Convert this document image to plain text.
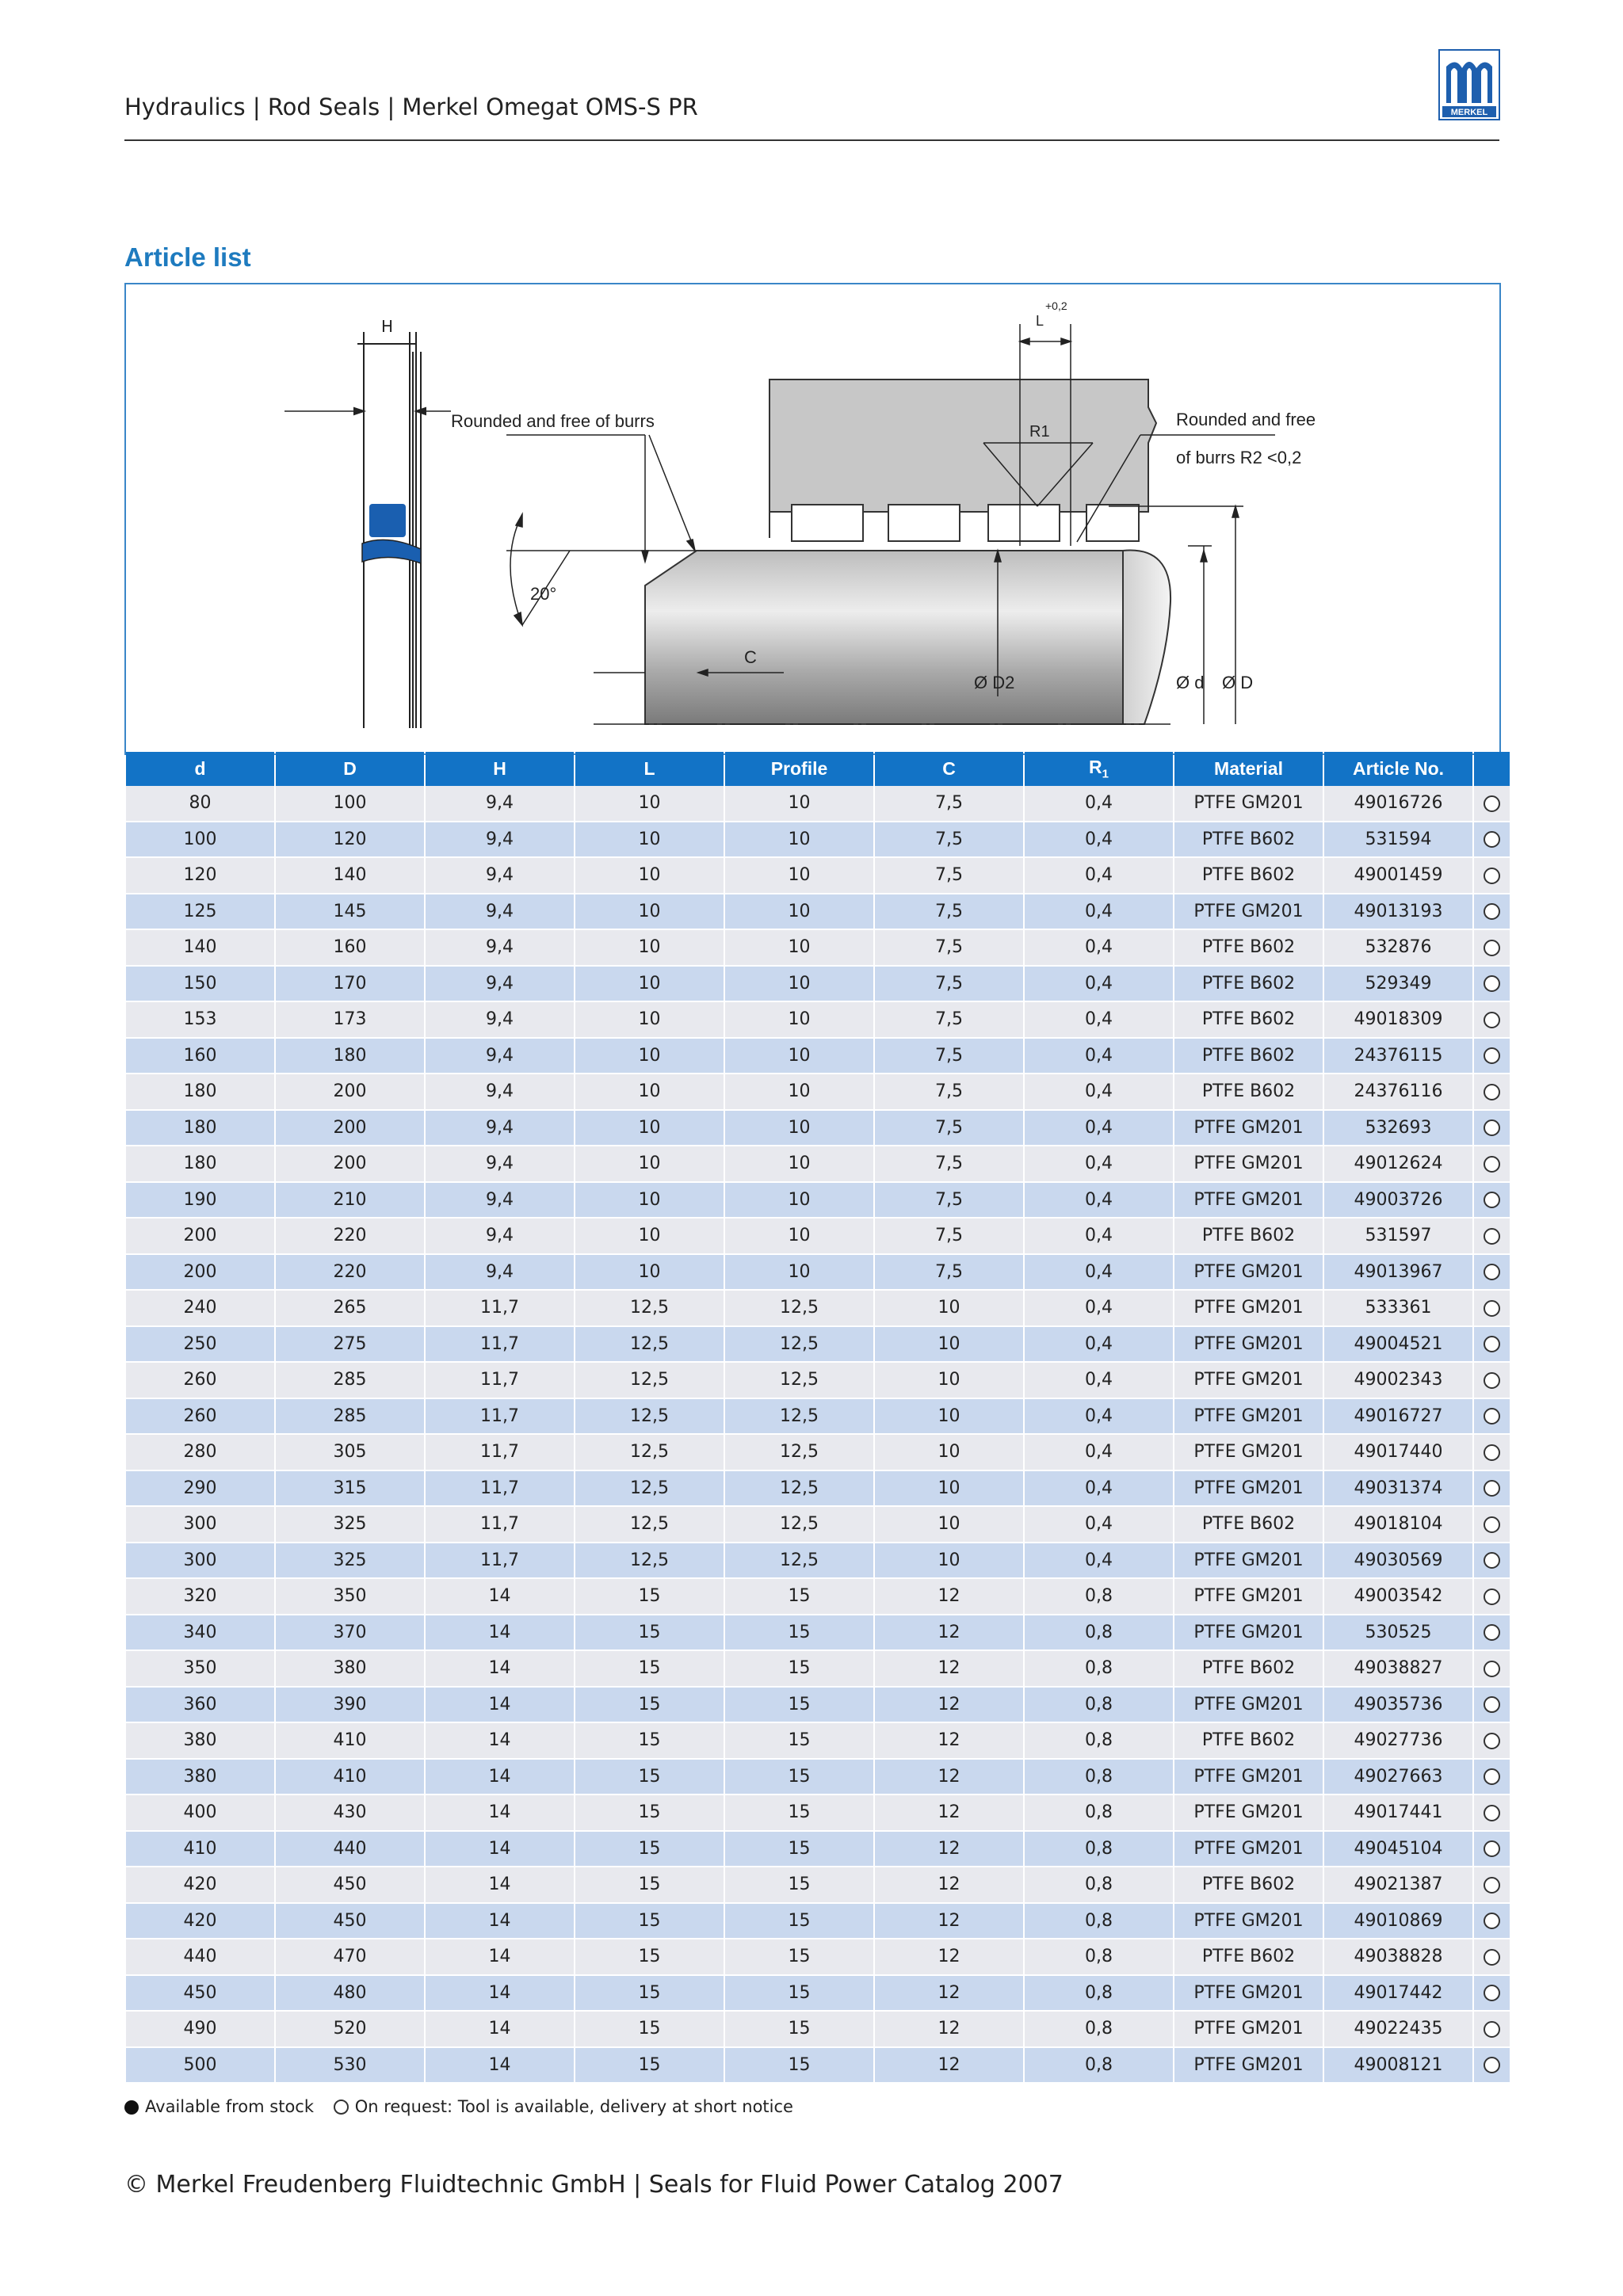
Hydraulics | Rod Seals | Merkel Omegat OMS-S PR	MERKEL
Article list
H
Rounded and free of burrs
L
+0,2
R1
Rounded and free
of burrs R2 <0,2
20°
C
Ø D2	Ø d Ø D
d	D	H	L	Profile	C	$R_1$	Material	Article No.	
80	100	9,4	10	10	7,5	0,4	PTFE GM201	49016726	
100	120	9,4	10	10	7,5	0,4	PTFE B602	531594	
120	140	9,4	10	10	7,5	0,4	PTFE B602	49001459	
125	145	9,4	10	10	7,5	0,4	PTFE GM201	49013193	
140	160	9,4	10	10	7,5	0,4	PTFE B602	532876	
150	170	9,4	10	10	7,5	0,4	PTFE B602	529349	
153	173	9,4	10	10	7,5	0,4	PTFE B602	49018309	
160	180	9,4	10	10	7,5	0,4	PTFE B602	24376115	
180	200	9,4	10	10	7,5	0,4	PTFE B602	24376116	
180	200	9,4	10	10	7,5	0,4	PTFE GM201	532693	
180	200	9,4	10	10	7,5	0,4	PTFE GM201	49012624	
190	210	9,4	10	10	7,5	0,4	PTFE GM201	49003726	
200	220	9,4	10	10	7,5	0,4	PTFE B602	531597	
200	220	9,4	10	10	7,5	0,4	PTFE GM201	49013967	
240	265	11,7	12,5	12,5	10	0,4	PTFE GM201	533361	
250	275	11,7	12,5	12,5	10	0,4	PTFE GM201	49004521	
260	285	11,7	12,5	12,5	10	0,4	PTFE GM201	49002343	
260	285	11,7	12,5	12,5	10	0,4	PTFE GM201	49016727	
280	305	11,7	12,5	12,5	10	0,4	PTFE GM201	49017440	
290	315	11,7	12,5	12,5	10	0,4	PTFE GM201	49031374	
300	325	11,7	12,5	12,5	10	0,4	PTFE B602	49018104	
300	325	11,7	12,5	12,5	10	0,4	PTFE GM201	49030569	
320	350	14	15	15	12	0,8	PTFE GM201	49003542	
340	370	14	15	15	12	0,8	PTFE GM201	530525	
350	380	14	15	15	12	0,8	PTFE B602	49038827	
360	390	14	15	15	12	0,8	PTFE GM201	49035736	
380	410	14	15	15	12	0,8	PTFE B602	49027736	
380	410	14	15	15	12	0,8	PTFE GM201	49027663	
400	430	14	15	15	12	0,8	PTFE GM201	49017441	
410	440	14	15	15	12	0,8	PTFE GM201	49045104	
420	450	14	15	15	12	0,8	PTFE B602	49021387	
420	450	14	15	15	12	0,8	PTFE GM201	49010869	
440	470	14	15	15	12	0,8	PTFE B602	49038828	
450	480	14	15	15	12	0,8	PTFE GM201	49017442	
490	520	14	15	15	12	0,8	PTFE GM201	49022435	
500	530	14	15	15	12	0,8	PTFE GM201	49008121	
Available from stock On request: Tool is available, delivery at short notice
© Merkel Freudenberg Fluidtechnic GmbH | Seals for Fluid Power Catalog 2007
